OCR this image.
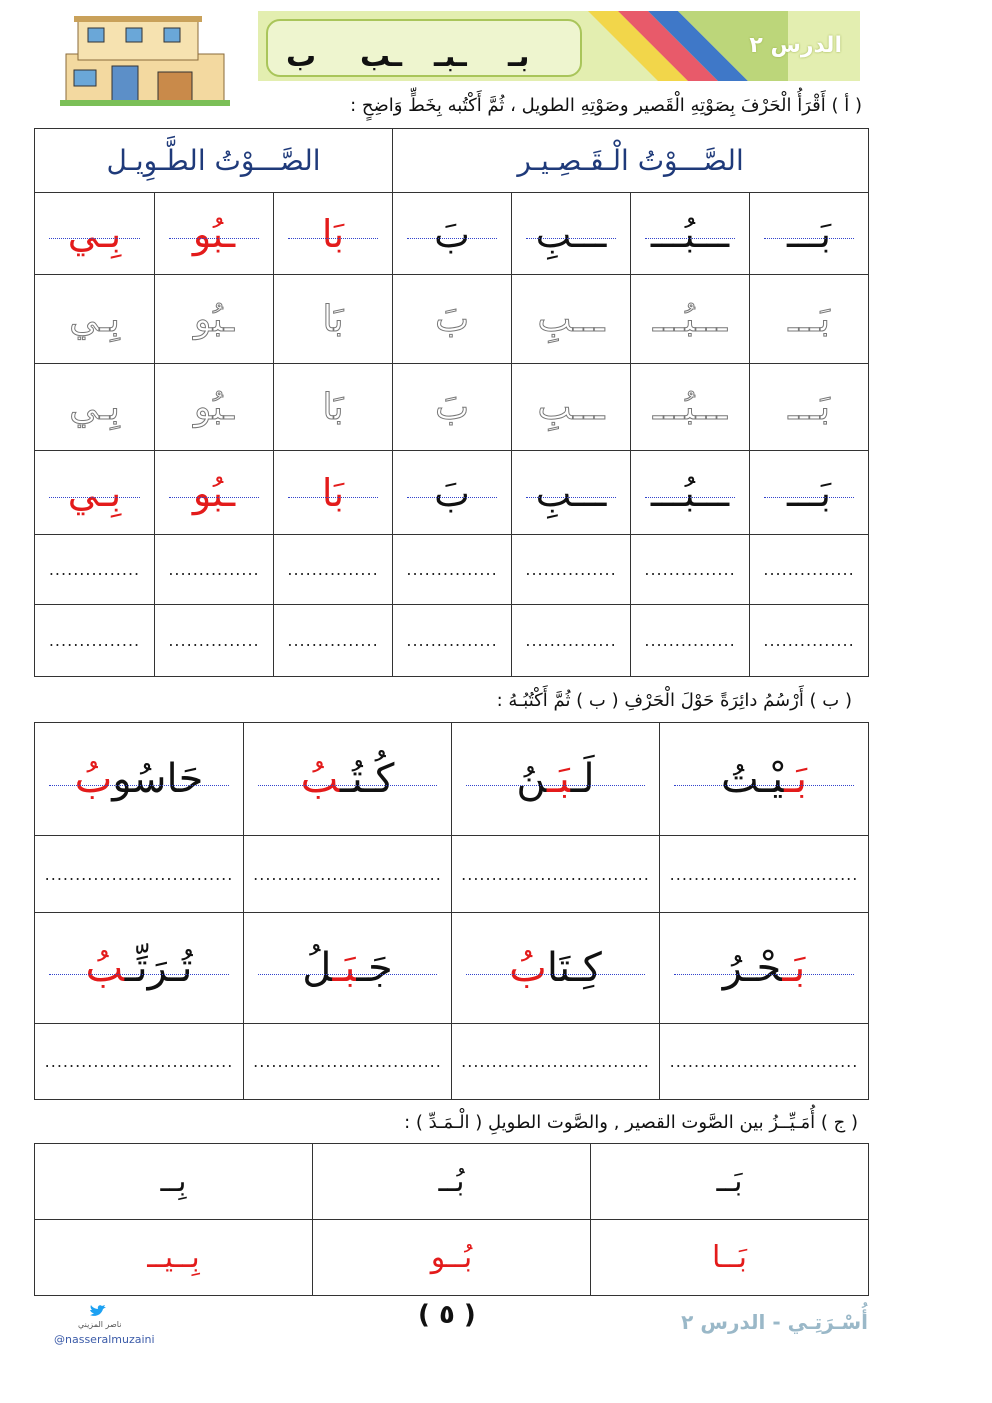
ب ـب ـبـ بـ	الدرس ٢
( أ ) أَقْرَأُ الْحَرْفَ بِصَوْتِهِ الْقَصير وصَوْتِهِ الطويل ، ثُمَّ أَكْتُبه بِخَطٍّ وَاضِحٍ :
الصَّـــوْتُ الطَّـوِيـل			الصَّـــوْتُ الْـقَـصِـيـر			
بِـي	ـبُو	بَا	بَ	ـــبِ	ـــبُـــ	بَـــ

بِـي	ـبُو	بَا	بَ	ـــبِ	ـــبُـــ	بَـــ
بِـي	ـبُو	بَا	بَ	ـــبِ	ـــبُـــ	بَـــ
بِـي	ـبُو	بَا	بَ	ـــبِ	ـــبُـــ	بَـــ

...............	...............	...............	...............	...............	...............	...............
...............	...............	...............	...............	...............	...............	...............
( ب ) أَرْسُمُ دائِرَةً حَوْلَ الْحَرْفِ ( ب ) ثُمَّ أَكْتُبُـهُ :
حَاسُوبُ	كُـتُـبُ	لَـبَـنُ	بَـيْـتُ

...............................	...............................	...............................	...............................
تُـرَتِّـبُ	جَـبَـلُ	كِـتَابُ	بَـحْـرُ

...............................	...............................	...............................	...............................
( ج ) أُمَـيِّــزُ بين الصَّوت القصير , والصَّوت الطويلِ ( الْـمَـدِّ ) :
بِــ	بُــ	بَــ
بِــيــ	بُــو	بَــا
ناصر المزيني
@nasseralmuzaini
( ٥ )	أُسْـرَتِـي - الدرس ٢
